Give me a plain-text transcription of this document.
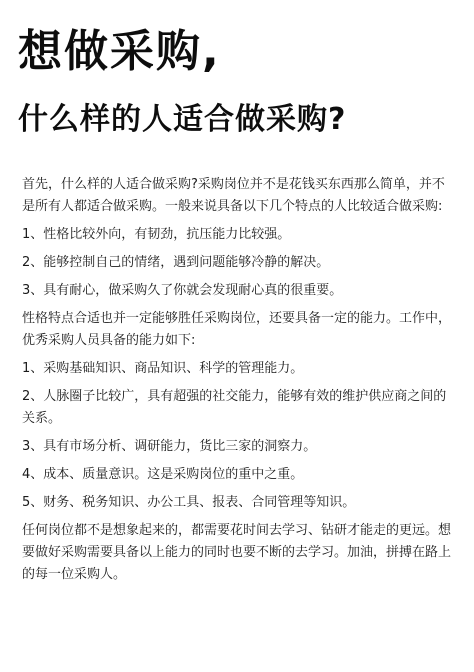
想做采购,
什么样的人适合做采购?

首先，什么样的人适合做采购?采购岗位并不是花钱买东西那么简单，并不是所有人都适合做采购。一般来说具备以下几个特点的人比较适合做采购:

1、性格比较外向，有韧劲，抗压能力比较强。

2、能够控制自己的情绪，遇到问题能够冷静的解决。

3、具有耐心，做采购久了你就会发现耐心真的很重要。

性格特点合适也并一定能够胜任采购岗位，还要具备一定的能力。工作中，优秀采购人员具备的能力如下:

1、采购基础知识、商品知识、科学的管理能力。

2、人脉圈子比较广，具有超强的社交能力，能够有效的维护供应商之间的关系。

3、具有市场分析、调研能力，货比三家的洞察力。

4、成本、质量意识。这是采购岗位的重中之重。

5、财务、税务知识、办公工具、报表、合同管理等知识。

任何岗位都不是想象起来的，都需要花时间去学习、钻研才能走的更远。想要做好采购需要具备以上能力的同时也要不断的去学习。加油，拼搏在路上的每一位采购人。
